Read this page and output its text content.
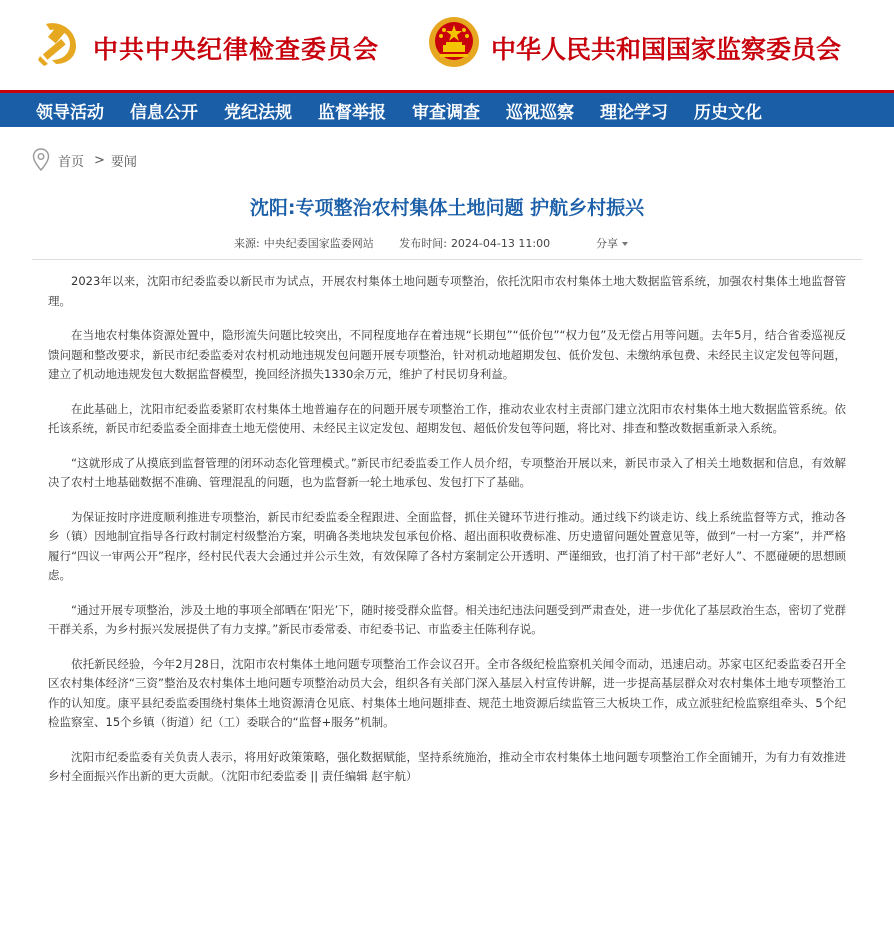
中共中央纪律检查委员会	中华人民共和国国家监察委员会
领导活动 信息公开 党纪法规 监督举报 审查调查 巡视巡察 理论学习 历史文化
首页 > 要闻
沈阳:专项整治农村集体土地问题 护航乡村振兴
来源: 中央纪委国家监委网站 发布时间: 2024-04-13 11:00	分享

2023年以来，沈阳市纪委监委以新民市为试点，开展农村集体土地问题专项整治，依托沈阳市农村集体土地大数据监管系统，加强农村集体土地监督管理。

在当地农村集体资源处置中，隐形流失问题比较突出，不同程度地存在着违规“长期包”“低价包”“权力包”及无偿占用等问题。去年5月，结合省委巡视反馈问题和整改要求，新民市纪委监委对农村机动地违规发包问题开展专项整治，针对机动地超期发包、低价发包、未缴纳承包费、未经民主议定发包等问题，建立了机动地违规发包大数据监督模型，挽回经济损失1330余万元，维护了村民切身利益。

在此基础上，沈阳市纪委监委紧盯农村集体土地普遍存在的问题开展专项整治工作，推动农业农村主责部门建立沈阳市农村集体土地大数据监管系统。依托该系统，新民市纪委监委全面排查土地无偿使用、未经民主议定发包、超期发包、超低价发包等问题，将比对、排查和整改数据重新录入系统。

“这就形成了从摸底到监督管理的闭环动态化管理模式。”新民市纪委监委工作人员介绍，专项整治开展以来，新民市录入了相关土地数据和信息，有效解决了农村土地基础数据不准确、管理混乱的问题，也为监督新一轮土地承包、发包打下了基础。

为保证按时序进度顺利推进专项整治，新民市纪委监委全程跟进、全面监督，抓住关键环节进行推动。通过线下约谈走访、线上系统监督等方式，推动各乡（镇）因地制宜指导各行政村制定村级整治方案，明确各类地块发包承包价格、超出面积收费标准、历史遗留问题处置意见等，做到“一村一方案”，并严格履行“四议一审两公开”程序，经村民代表大会通过并公示生效，有效保障了各村方案制定公开透明、严谨细致，也打消了村干部“老好人”、不愿碰硬的思想顾虑。

“通过开展专项整治，涉及土地的事项全部晒在‘阳光’下，随时接受群众监督。相关违纪违法问题受到严肃查处，进一步优化了基层政治生态，密切了党群干群关系，为乡村振兴发展提供了有力支撑。”新民市委常委、市纪委书记、市监委主任陈利存说。

依托新民经验，今年2月28日，沈阳市农村集体土地问题专项整治工作会议召开。全市各级纪检监察机关闻令而动，迅速启动。苏家屯区纪委监委召开全区农村集体经济“三资”整治及农村集体土地问题专项整治动员大会，组织各有关部门深入基层入村宣传讲解，进一步提高基层群众对农村集体土地专项整治工作的认知度。康平县纪委监委围绕村集体土地资源清仓见底、村集体土地问题排查、规范土地资源后续监管三大板块工作，成立派驻纪检监察组牵头、5个纪检监察室、15个乡镇（街道）纪（工）委联合的“监督+服务”机制。

沈阳市纪委监委有关负责人表示，将用好政策策略，强化数据赋能，坚持系统施治，推动全市农村集体土地问题专项整治工作全面铺开，为有力有效推进乡村全面振兴作出新的更大贡献。（沈阳市纪委监委 || 责任编辑 赵宇航）
